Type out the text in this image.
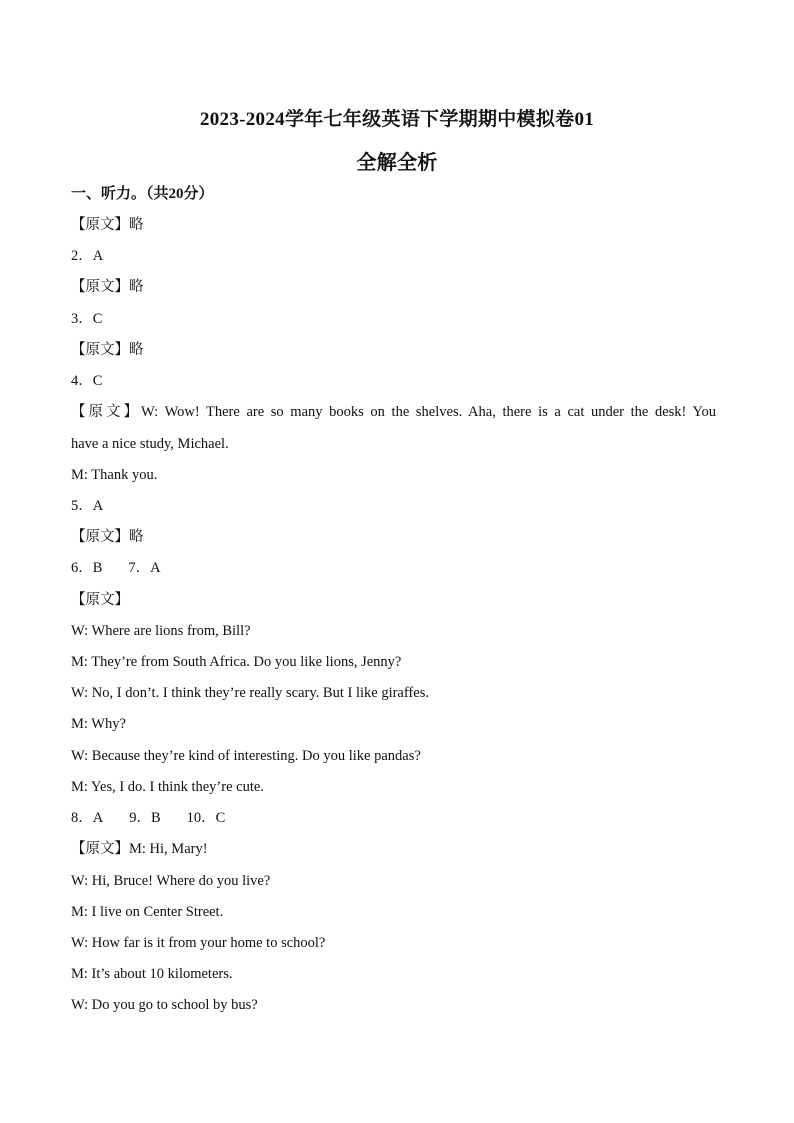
2023-2024学年七年级英语下学期期中模拟卷01
全解全析
一、听力。（共20分）
【原文】略
2．A
【原文】略
3．C
【原文】略
4．C
【原文】W: Wow! There are so many books on the shelves. Aha, there is a cat under the desk! You
have a nice study, Michael.
M: Thank you.
5．A
【原文】略
6．B 7．A
【原文】
W: Where are lions from, Bill?
M: They’re from South Africa. Do you like lions, Jenny?
W: No, I don’t. I think they’re really scary. But I like giraffes.
M: Why?
W: Because they’re kind of interesting. Do you like pandas?
M: Yes, I do. I think they’re cute.
8．A 9．B 10．C
【原文】M: Hi, Mary!
W: Hi, Bruce! Where do you live?
M: I live on Center Street.
W: How far is it from your home to school?
M: It’s about 10 kilometers.
W: Do you go to school by bus?
